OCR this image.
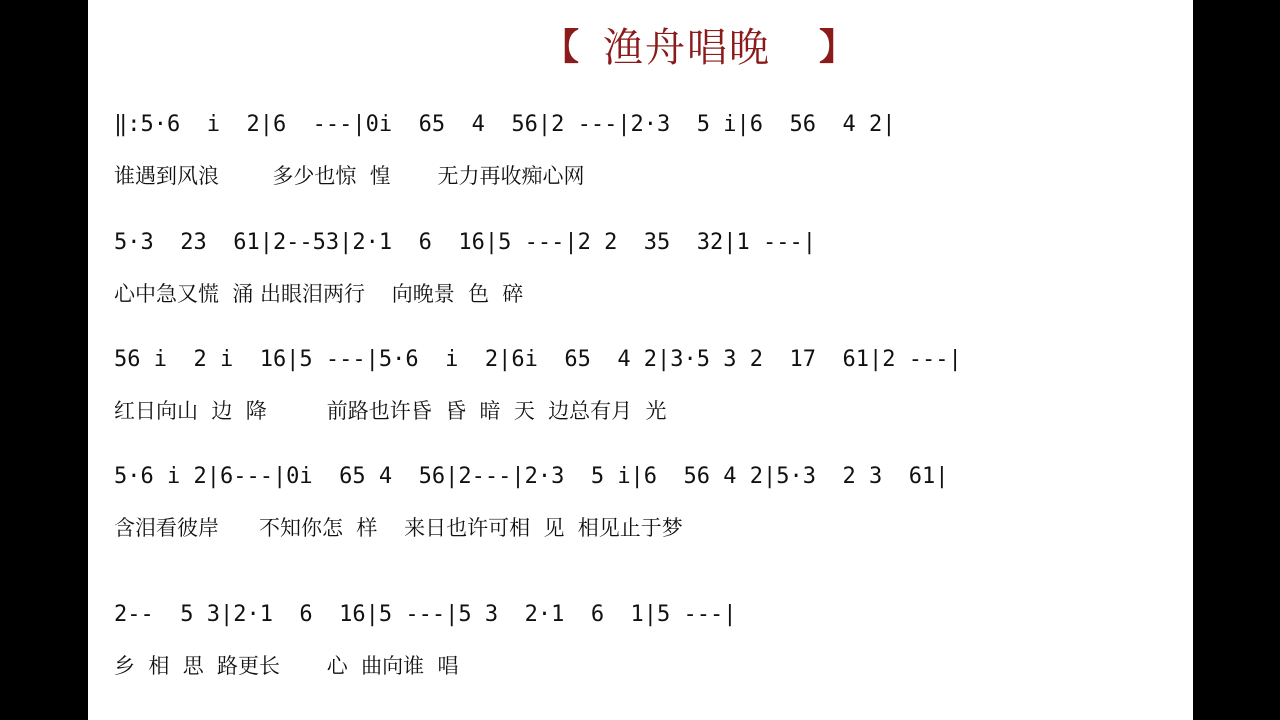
【 渔舟唱晚 】
‖:5·6  i  2|6  ---|0i  65  4  56|2 ---|2·3  5 i|6  56  4 2|
谁遇到风浪        多少也惊  惶       无力再收痴心网
5·3  23  61|2--53|2·1  6  16|5 ---|2 2  35  32|1 ---|
心中急又慌  涌 出眼泪两行    向晚景  色  碎
56 i  2 i  16|5 ---|5·6  i  2|6i  65  4 2|3·5 3 2  17  61|2 ---|
红日向山  边  降         前路也许昏  昏  暗  天  边总有月  光
5·6 i 2|6---|0i  65 4  56|2---|2·3  5 i|6  56 4 2|5·3  2 3  61|
含泪看彼岸      不知你怎  样    来日也许可相  见  相见止于梦
2--  5 3|2·1  6  16|5 ---|5 3  2·1  6  1|5 ---|
乡  相  思  路更长       心  曲向谁  唱
